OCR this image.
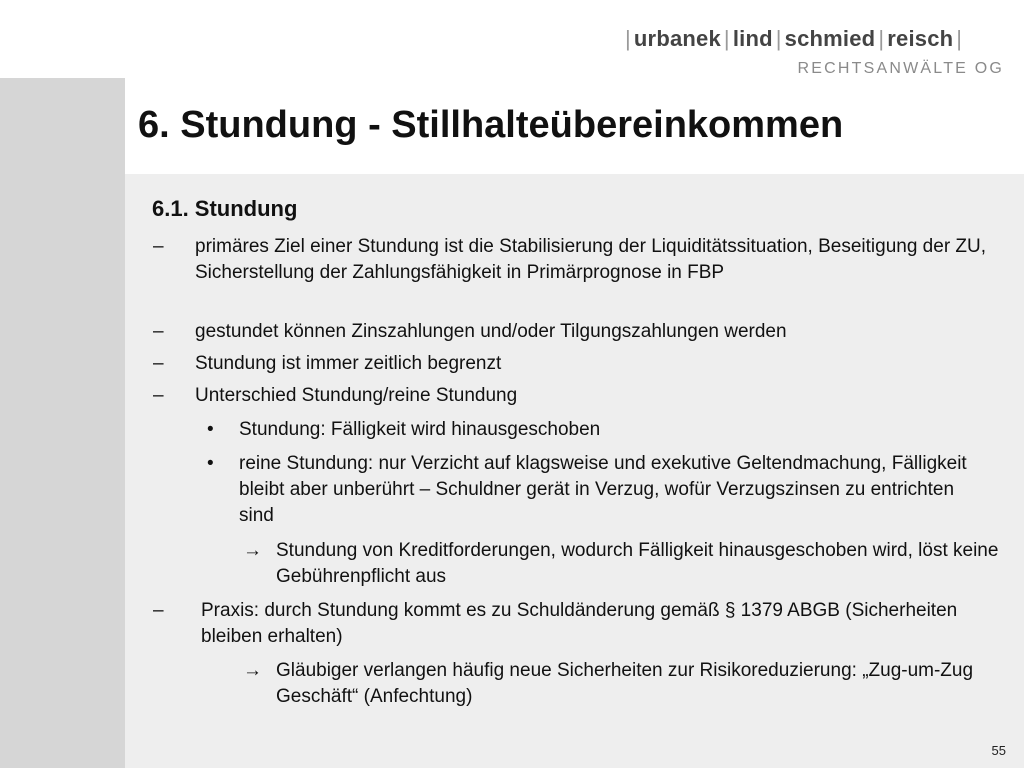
| urbanek | lind | schmied | reisch |
RECHTSANWÄLTE OG
6. Stundung - Stillhalteübereinkommen
6.1. Stundung
–	primäres Ziel einer Stundung ist die Stabilisierung der Liquiditätssituation, Beseitigung der ZU, Sicherstellung der Zahlungsfähigkeit in Primärprognose in FBP
–	gestundet können Zinszahlungen und/oder Tilgungszahlungen werden
–	Stundung ist immer zeitlich begrenzt
–	Unterschied Stundung/reine Stundung
•	Stundung: Fälligkeit wird hinausgeschoben
•	reine Stundung: nur Verzicht auf klagsweise und exekutive Geltendmachung, Fälligkeit bleibt aber unberührt – Schuldner gerät in Verzug, wofür Verzugszinsen zu entrichten sind
→ Stundung von Kreditforderungen, wodurch Fälligkeit hinausgeschoben wird, löst keine Gebührenpflicht aus
–	Praxis: durch Stundung kommt es zu Schuldänderung gemäß § 1379 ABGB (Sicherheiten bleiben erhalten)
→ Gläubiger verlangen häufig neue Sicherheiten zur Risikoreduzierung: „Zug-um-Zug Geschäft“ (Anfechtung)
55
